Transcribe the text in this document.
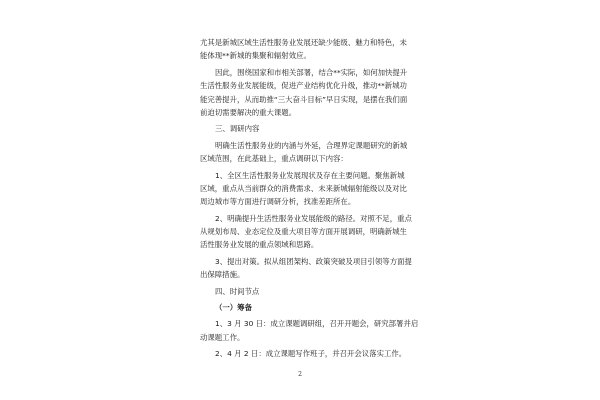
尤其是新城区域生活性服务业发展还缺少能级、魅力和特色，未
能体现**新城的集聚和辐射效应。
因此，围绕国家和市相关部署，结合**实际，如何加快提升
生活性服务业发展能级，促进产业结构优化升级，推动**新城功
能完善提升，从而助推“三大奋斗目标”早日实现，是摆在我们面
前迫切需要解决的重大课题。
三、调研内容
明确生活性服务业的内涵与外延，合理界定课题研究的新城
区域范围，在此基础上，重点调研以下内容：
1、全区生活性服务业发展现状及存在主要问题。聚焦新城
区域，重点从当前群众的消费需求、未来新城辐射能级以及对比
周边城市等方面进行调研分析，找准差距所在。
2、明确提升生活性服务业发展能级的路径。对照不足，重点
从规划布局、业态定位及重大项目等方面开展调研，明确新城生
活性服务业发展的重点领域和思路。
3、提出对策。拟从组团架构、政策突破及项目引领等方面提
出保障措施。
四、时间节点
（一）筹备
1、3 月 30 日：成立课题调研组，召开开题会，研究部署并启
动课题工作。
2、4 月 2 日：成立课题写作班子，并召开会议落实工作。
2
